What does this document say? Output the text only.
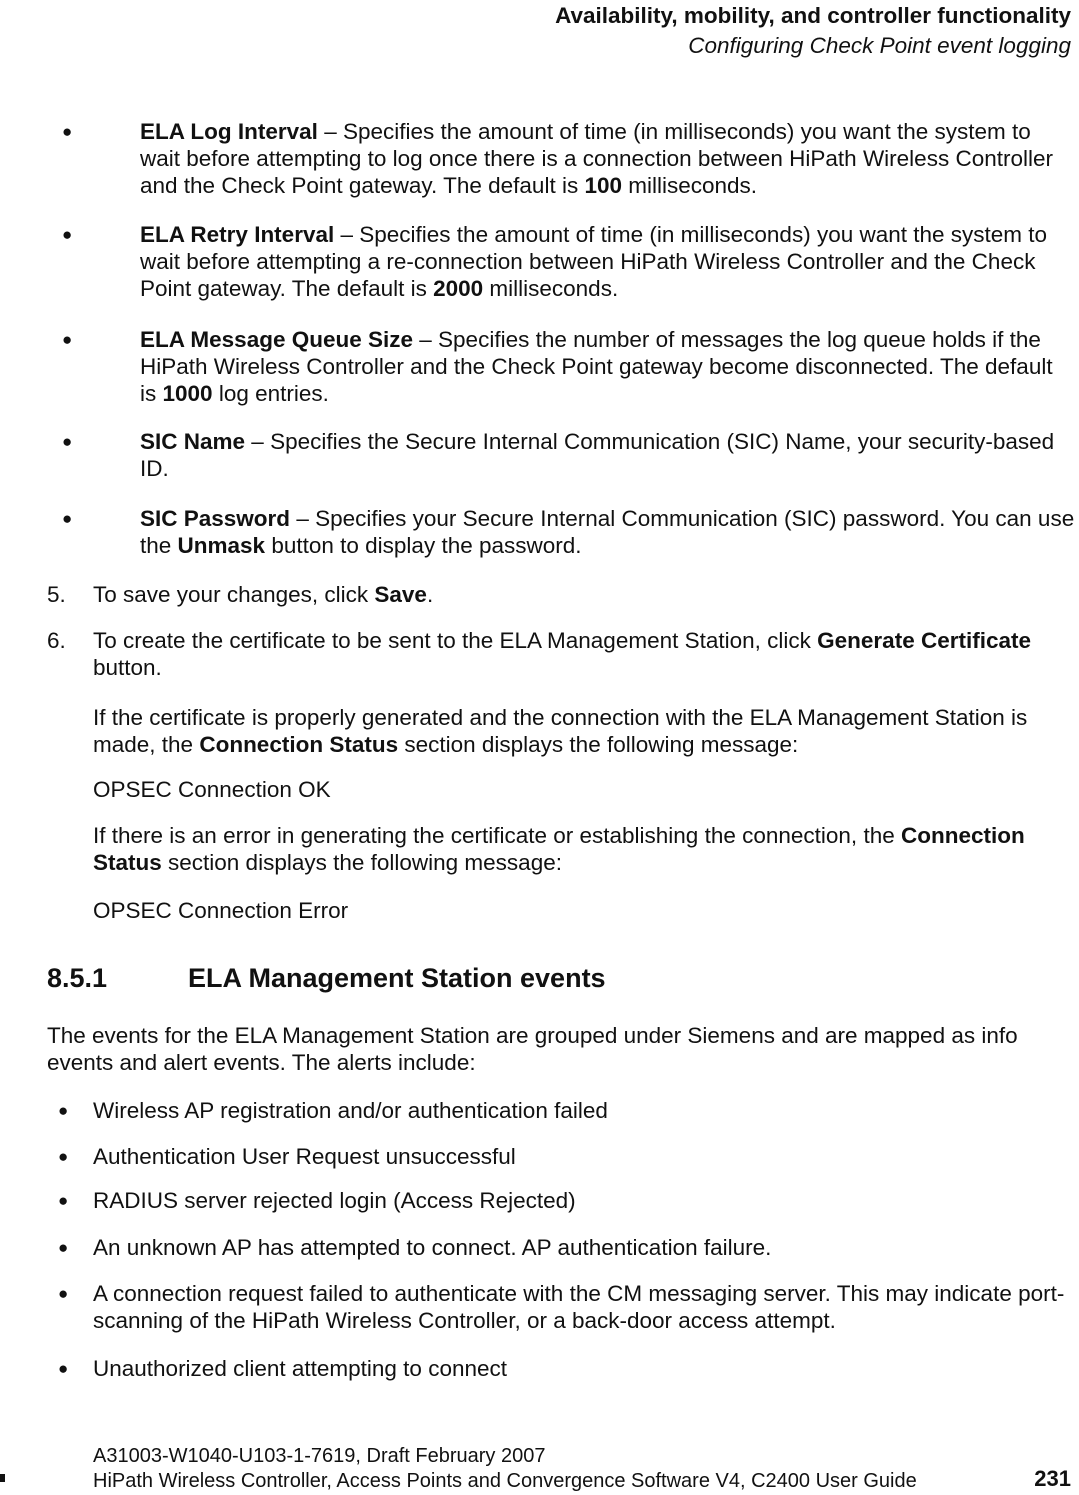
Availability, mobility, and controller functionality
Configuring Check Point event logging
●	ELA Log Interval – Specifies the amount of time (in milliseconds) you want the system to wait before attempting to log once there is a connection between HiPath Wireless Controller and the Check Point gateway. The default is 100 milliseconds.
●	ELA Retry Interval – Specifies the amount of time (in milliseconds) you want the system to wait before attempting a re-connection between HiPath Wireless Controller and the Check Point gateway. The default is 2000 milliseconds.
●	ELA Message Queue Size – Specifies the number of messages the log queue holds if the HiPath Wireless Controller and the Check Point gateway become disconnected. The default is 1000 log entries.
●	SIC Name – Specifies the Secure Internal Communication (SIC) Name, your security-based ID.
●	SIC Password – Specifies your Secure Internal Communication (SIC) password. You can use the Unmask button to display the password.
5. To save your changes, click Save.
6. To create the certificate to be sent to the ELA Management Station, click Generate Certificate button.
If the certificate is properly generated and the connection with the ELA Management Station is made, the Connection Status section displays the following message:
OPSEC Connection OK
If there is an error in generating the certificate or establishing the connection, the Connection Status section displays the following message:
OPSEC Connection Error
The events for the ELA Management Station are grouped under Siemens and are mapped as info events and alert events. The alerts include:
● Wireless AP registration and/or authentication failed
● Authentication User Request unsuccessful
● RADIUS server rejected login (Access Rejected)
● An unknown AP has attempted to connect. AP authentication failure.
● A connection request failed to authenticate with the CM messaging server. This may indicate port-scanning of the HiPath Wireless Controller, or a back-door access attempt.
● Unauthorized client attempting to connect
8.5.1	ELA Management Station events
A31003-W1040-U103-1-7619, Draft February 2007
HiPath Wireless Controller, Access Points and Convergence Software V4, C2400 User Guide	231
